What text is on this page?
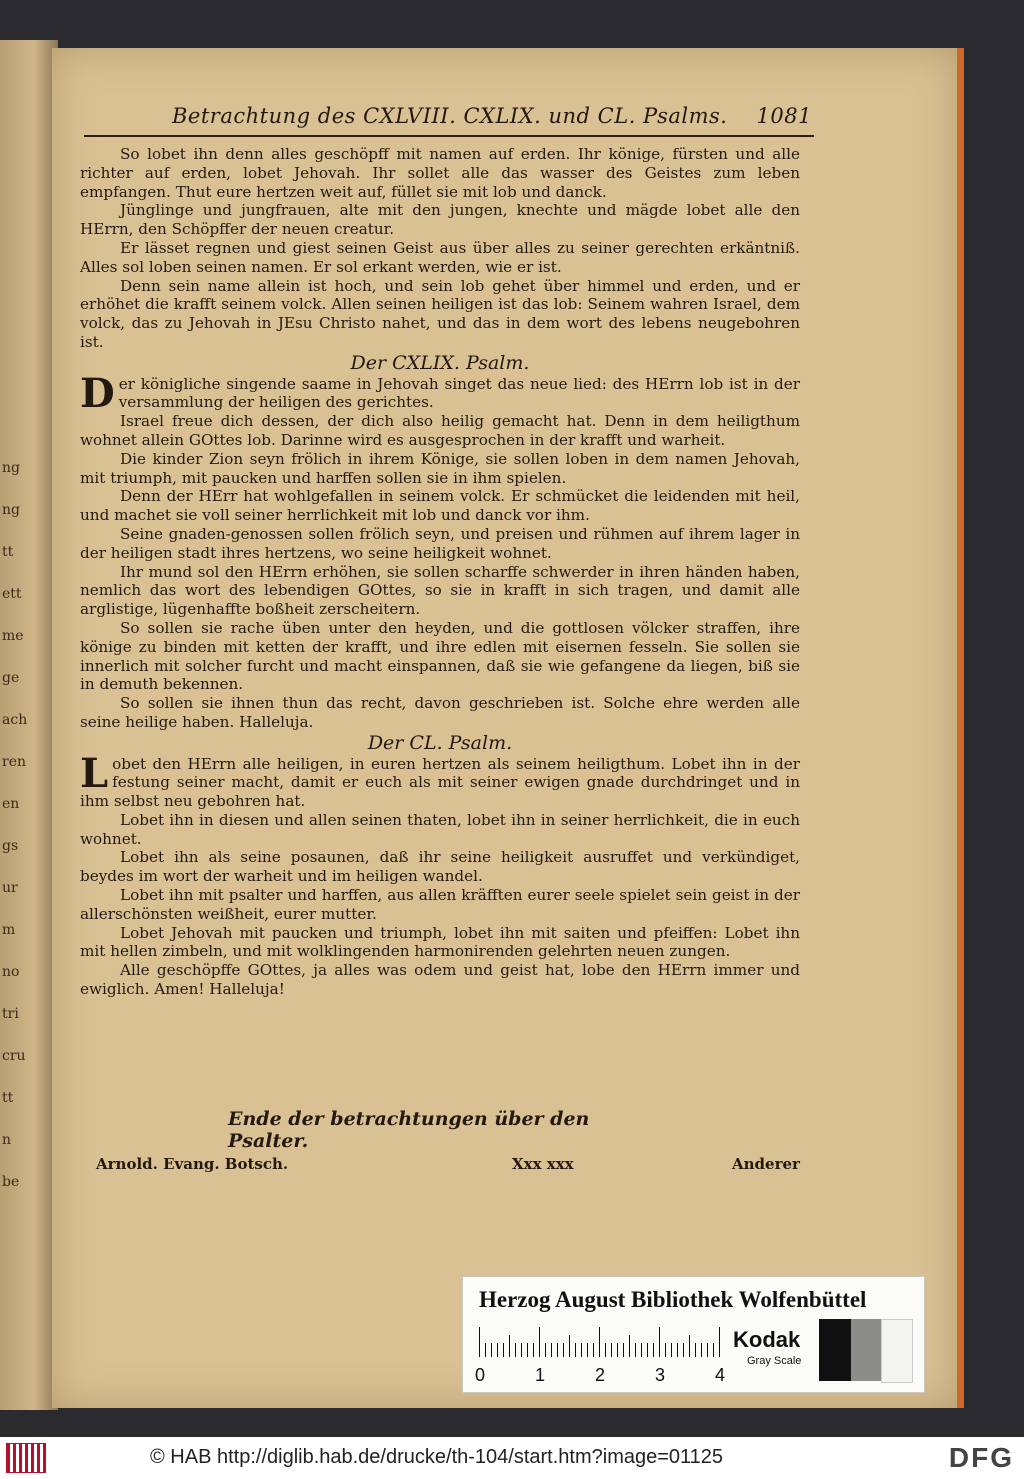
ng
ng
tt
ett
me
ge
ach
ren
en
gs
ur
m
no
tri
cru
tt
n
be
Betrachtung des CXLVIII. CXLIX. und CL. Psalms. 1081

So lobet ihn denn alles geschöpff mit namen auf erden. Ihr könige, fürsten und alle richter auf erden, lobet Jehovah. Ihr sollet alle das wasser des Geistes zum leben empfangen. Thut eure hertzen weit auf, füllet sie mit lob und danck.

Jünglinge und jungfrauen, alte mit den jungen, knechte und mägde lobet alle den HErrn, den Schöpffer der neuen creatur.

Er lässet regnen und giest seinen Geist aus über alles zu seiner gerechten erkäntniß. Alles sol loben seinen namen. Er sol erkant werden, wie er ist.

Denn sein name allein ist hoch, und sein lob gehet über himmel und erden, und er erhöhet die krafft seinem volck. Allen seinen heiligen ist das lob: Seinem wahren Israel, dem volck, das zu Jehovah in JEsu Christo nahet, und das in dem wort des lebens neugebohren ist.

Der CXLIX. Psalm.

Der königliche singende saame in Jehovah singet das neue lied: des HErrn lob ist in der versammlung der heiligen des gerichtes.

Israel freue dich dessen, der dich also heilig gemacht hat. Denn in dem heiligthum wohnet allein GOttes lob. Darinne wird es ausgesprochen in der krafft und warheit.

Die kinder Zion seyn frölich in ihrem Könige, sie sollen loben in dem namen Jehovah, mit triumph, mit paucken und harffen sollen sie in ihm spielen.

Denn der HErr hat wohlgefallen in seinem volck. Er schmücket die leidenden mit heil, und machet sie voll seiner herrlichkeit mit lob und danck vor ihm.

Seine gnaden-genossen sollen frölich seyn, und preisen und rühmen auf ihrem lager in der heiligen stadt ihres hertzens, wo seine heiligkeit wohnet.

Ihr mund sol den HErrn erhöhen, sie sollen scharffe schwerder in ihren händen haben, nemlich das wort des lebendigen GOttes, so sie in krafft in sich tragen, und damit alle arglistige, lügenhaffte boßheit zerscheitern.

So sollen sie rache üben unter den heyden, und die gottlosen völcker straffen, ihre könige zu binden mit ketten der krafft, und ihre edlen mit eisernen fesseln. Sie sollen sie innerlich mit solcher furcht und macht einspannen, daß sie wie gefangene da liegen, biß sie in demuth bekennen.

So sollen sie ihnen thun das recht, davon geschrieben ist. Solche ehre werden alle seine heilige haben. Halleluja.

Der CL. Psalm.

Lobet den HErrn alle heiligen, in euren hertzen als seinem heiligthum. Lobet ihn in der festung seiner macht, damit er euch als mit seiner ewigen gnade durchdringet und in ihm selbst neu gebohren hat.

Lobet ihn in diesen und allen seinen thaten, lobet ihn in seiner herrlichkeit, die in euch wohnet.

Lobet ihn als seine posaunen, daß ihr seine heiligkeit ausruffet und verkündiget, beydes im wort der warheit und im heiligen wandel.

Lobet ihn mit psalter und harffen, aus allen kräfften eurer seele spielet sein geist in der allerschönsten weißheit, eurer mutter.

Lobet Jehovah mit paucken und triumph, lobet ihn mit saiten und pfeiffen: Lobet ihn mit hellen zimbeln, und mit wolklingenden harmonirenden gelehrten neuen zungen.

Alle geschöpffe GOttes, ja alles was odem und geist hat, lobe den HErrn immer und ewiglich. Amen! Halleluja!

Ende der betrachtungen über den Psalter.
Arnold. Evang. Botsch.	Xxx xxx	Anderer
Herzog August Bibliothek Wolfenbüttel
0	1	2	3	4
Kodak
Gray Scale
© HAB http://diglib.hab.de/drucke/th-104/start.htm?image=01125	DFG
